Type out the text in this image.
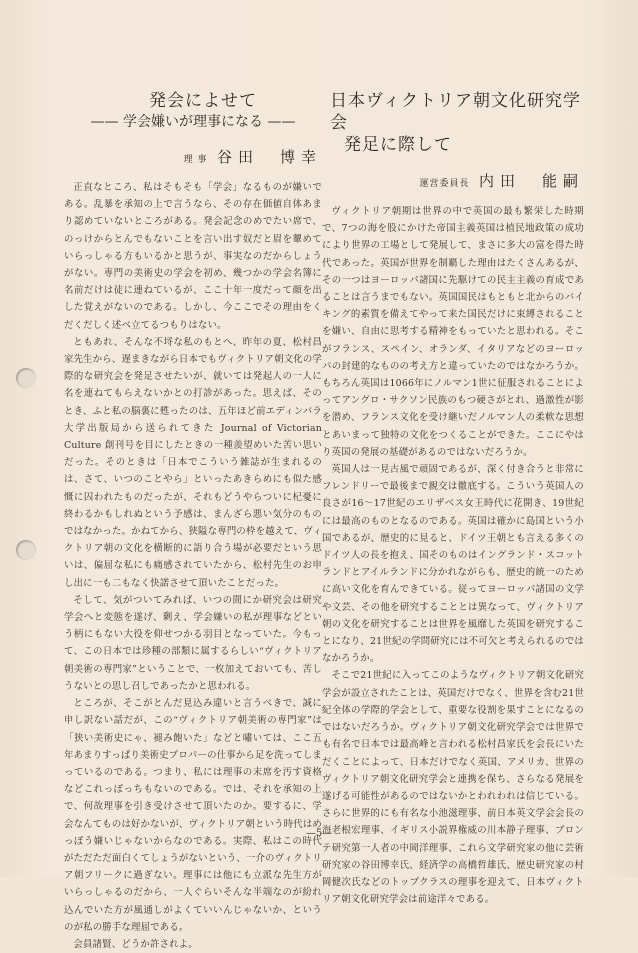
発会によせて

—— 学会嫌いが理事になる ——

理 事 谷田　博幸

正直なところ、私はそもそも「学会」なるものが嫌いである。乱暴を承知の上で言うなら、その存在価値自体あまり認めていないところがある。発会記念のめでたい席で、のっけからとんでもないことを言い出す奴だと眉を顰めていらっしゃる方もいるかと思うが、事実なのだからしょうがない。専門の美術史の学会を初め、幾つかの学会名簿に名前だけは徒に連ねているが、ここ十年一度だって顔を出した覚えがないのである。しかし、今ここでその理由をくだくだしく述べ立てるつもりはない。

ともあれ、そんな不埒な私のもとへ、昨年の夏、松村昌家先生から、遅まきながら日本でもヴィクトリア朝文化の学際的な研究会を発足させたいが、就いては発起人の一人に名を連ねてもらえないかとの打診があった。思えば、そのとき、ふと私の脳裏に甦ったのは、五年ほど前エディンバラ大学出版局から送られてきた Journal of Victorian Culture 創刊号を目にしたときの一種羨望めいた苦い思いだった。そのときは「日本でこういう雑誌が生まれるのは、さて、いつのことやら」といったあきらめにも似た感慨に囚われたものだったが、それもどうやらついに杞憂に終わるかもしれぬという予感は、まんざら悪い気分のものではなかった。かねてから、狭隘な専門の枠を越えて、ヴィクトリア朝の文化を横断的に語り合う場が必要だという思いは、偏屈な私にも痛感されていたから、松村先生のお申し出に一も二もなく快諾させて頂いたことだった。

そして、気がついてみれば、いつの間にか研究会は研究学会へと変態を遂げ、剰え、学会嫌いの私が理事などという柄にもない大役を仰せつかる羽目となっていた。今もって、この日本では珍種の部類に属するらしい“ヴィクトリア朝美術の専門家”ということで、一枚加えておいても、苦しうないとの思し召しであったかと思われる。

ところが、そこがとんだ見込み違いと言うべきで、誠に申し訳ない話だが、この“ヴィクトリア朝美術の専門家”は「狭い美術史にゃ、褪み飽いた」などと嘯いては、ここ五年あまりすっぱり美術史プロパーの仕事から足を洗ってしまっているのである。つまり、私には理事の末席を汚す資格などこれっぽっちもないのである。では、それを承知の上で、何故理事を引き受けさせて頂いたのか。要するに、学会なんてものは好かないが、ヴィクトリア朝という時代はめっぽう嫌いじゃないからなのである。実際、私はこの時代がただただ面白くてしょうがないという、一介のヴィクトリア朝フリークに過ぎない。理事には他にも立派な先生方がいらっしゃるのだから、一人ぐらいそんな半端なのが紛れ込んでいた方が風通しがよくていいんじゃないか、というのが私の勝手な理屈である。

会員諸賢、どうか許されよ。

日本ヴィクトリア朝文化研究学会
発足に際して
運営委員長 内田　能嗣

ヴィクトリア朝期は世界の中で英国の最も繁栄した時期で、7つの海を股にかけた帝国主義英国は植民地政策の成功により世界の工場として発展して、まさに多大の富を得た時代であった。英国が世界を制覇した理由はたくさんあるが、その一つはヨーロッパ諸国に先駆けての民主主義の育成であることは言うまでもない。英国国民はもともと北からのバイキング的素質を備えてやって来た国民だけに束縛されることを嫌い、自由に思考する精神をもっていたと思われる。そこがフランス、スペイン、オランダ、イタリアなどのヨーロッパの封建的なものの考え方と違っていたのではなかろうか。もちろん英国は1066年にノルマン1世に征服されることによってアングロ・サクソン民族のもつ硬さがとれ、過激性が影を潜め、フランス文化を受け継いだノルマン人の柔軟な思想とあいまって独特の文化をつくることができた。ここにやはり英国の発展の基礎があるのではないだろうか。

英国人は一見古風で頑固であるが、深く付き合うと非常にフレンドリーで最後まで親交は徹底する。こういう英国人の良さが16～17世紀のエリザベス女王時代に花開き、19世紀には最高のものとなるのである。英国は確かに島国という小国であるが、歴史的に見ると、ドイツ王朝とも言える多くのドイツ人の長を抱え、国そのものはイングランド・スコットランドとアイルランドに分かれながらも、歴史的統一のために高い文化を育んできている。従ってヨーロッパ諸国の文学や文芸、その他を研究することとは異なって、ヴィクトリア朝の文化を研究することは世界を風靡した英国を研究することになり、21世紀の学問研究には不可欠と考えられるのではなかろうか。

そこで21世紀に入ってこのようなヴィクトリア朝文化研究学会が設立されたことは、英国だけでなく、世界を含む21世紀全体の学際的学会として、重要な役割を果すことになるのではないだろうか。ヴィクトリア朝文化研究学会では世界でも有名で日本では最高峰と言われる松村昌家氏を会長にいただくことによって、日本だけでなく英国、アメリカ、世界のヴィクトリア朝文化研究学会と連携を保ち、さらなる発展を遂げる可能性があるのではないかとわれわれは信じている。さらに世界的にも有名な小池滋理事、前日本英文学会会長の海老根宏理事、イギリス小説界権威の川本静子理事、ブロンテ研究第一人者の中岡洋理事、これら文学研究家の他に芸術研究家の谷田博幸氏、経済学の高橋哲雄氏、歴史研究家の村岡健次氏などのトップクラスの理事を迎えて、日本ヴィクトリア朝文化研究学会は前途洋々である。

—5—
